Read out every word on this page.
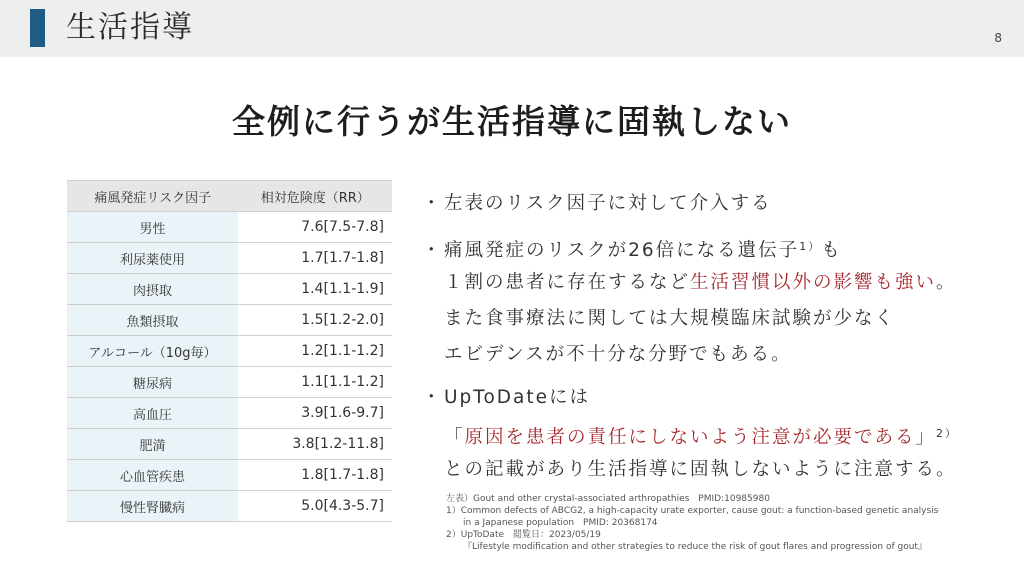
生活指導	8
全例に行うが生活指導に固執しない
痛風発症リスク因子	相対危険度（RR）
男性	7.6[7.5-7.8]
利尿薬使用	1.7[1.7-1.8]
肉摂取	1.4[1.1-1.9]
魚類摂取	1.5[1.2-2.0]
アルコール（10g毎）	1.2[1.1-1.2]
糖尿病	1.1[1.1-1.2]
高血圧	3.9[1.6-9.7]
肥満	3.8[1.2-11.8]
心血管疾患	1.8[1.7-1.8]
慢性腎臓病	5.0[4.3-5.7]
・左表のリスク因子に対して介入する
・痛風発症のリスクが26倍になる遺伝子$^{1)}$も
１割の患者に存在するなど生活習慣以外の影響も強い。
また食事療法に関しては大規模臨床試験が少なく
エビデンスが不十分な分野でもある。
・UpToDateには
「原因を患者の責任にしないよう注意が必要である」$^{2)}$
との記載があり生活指導に固執しないように注意する。
左表）Gout and other crystal-associated arthropathies　PMID:10985980
1）Common defects of ABCG2, a high-capacity urate exporter, cause gout: a function-based genetic analysis
in a Japanese population　PMID: 20368174
2）UpToDate　閲覧日：2023/05/19
『Lifestyle modification and other strategies to reduce the risk of gout flares and progression of gout』
